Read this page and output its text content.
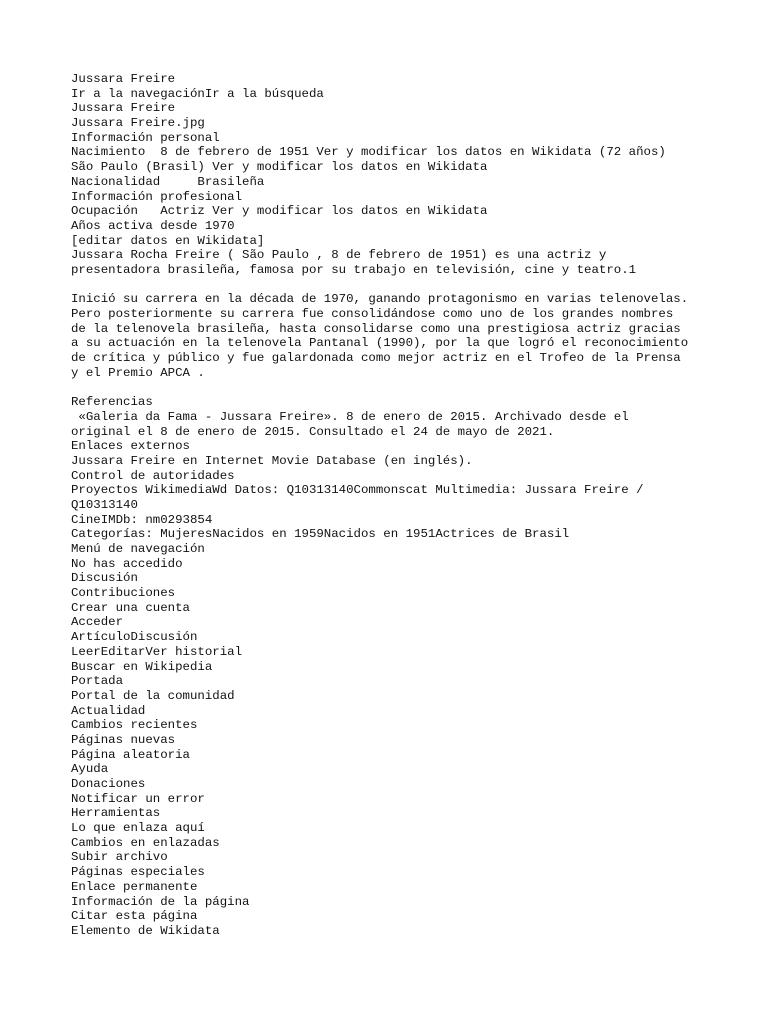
Jussara Freire
Ir a la navegaciónIr a la búsqueda
Jussara Freire
Jussara Freire.jpg
Información personal
Nacimiento  8 de febrero de 1951 Ver y modificar los datos en Wikidata (72 años)
São Paulo (Brasil) Ver y modificar los datos en Wikidata
Nacionalidad     Brasileña
Información profesional
Ocupación   Actriz Ver y modificar los datos en Wikidata
Años activa desde 1970
[editar datos en Wikidata]
Jussara Rocha Freire ( São Paulo , 8 de febrero de 1951) es una actriz y
presentadora brasileña, famosa por su trabajo en televisión, cine y teatro.1
Inició su carrera en la década de 1970, ganando protagonismo en varias telenovelas.
Pero posteriormente su carrera fue consolidándose como uno de los grandes nombres
de la telenovela brasileña, hasta consolidarse como una prestigiosa actriz gracias
a su actuación en la telenovela Pantanal (1990), por la que logró el reconocimiento
de crítica y público y fue galardonada como mejor actriz en el Trofeo de la Prensa
y el Premio APCA .
Referencias
«Galeria da Fama - Jussara Freire». 8 de enero de 2015. Archivado desde el
original el 8 de enero de 2015. Consultado el 24 de mayo de 2021.
Enlaces externos
Jussara Freire en Internet Movie Database (en inglés).
Control de autoridades
Proyectos WikimediaWd Datos: Q10313140Commonscat Multimedia: Jussara Freire /
Q10313140
CineIMDb: nm0293854
Categorías: MujeresNacidos en 1959Nacidos en 1951Actrices de Brasil
Menú de navegación
No has accedido
Discusión
Contribuciones
Crear una cuenta
Acceder
ArtículoDiscusión
LeerEditarVer historial
Buscar en Wikipedia
Portada
Portal de la comunidad
Actualidad
Cambios recientes
Páginas nuevas
Página aleatoria
Ayuda
Donaciones
Notificar un error
Herramientas
Lo que enlaza aquí
Cambios en enlazadas
Subir archivo
Páginas especiales
Enlace permanente
Información de la página
Citar esta página
Elemento de Wikidata
